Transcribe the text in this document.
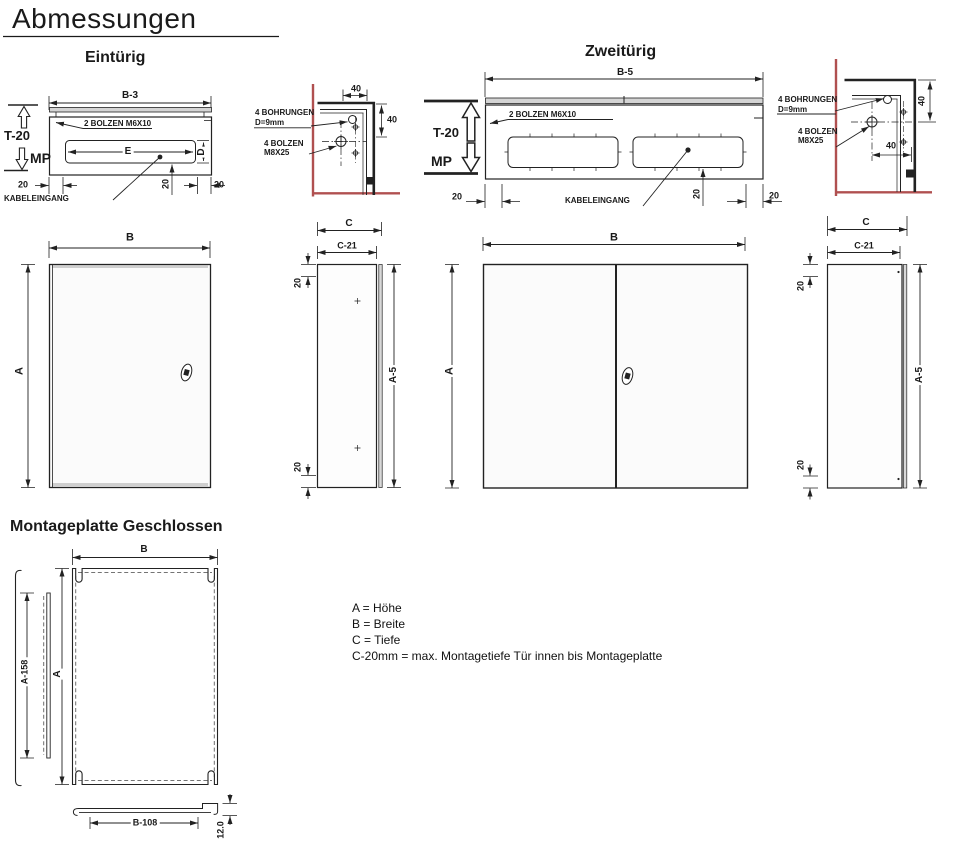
Abmessungen
Eintürig
B-3
2 BOLZEN M6X10
T-20
MP	E	D
20	20	20
KABELEINGANG
4 BOHRUNGEN
D=9mm
4 BOLZEN
M8X25
40
40
Zweitürig
B-5
2 BOLZEN M6X10
T-20
MP
KABELEINGANG
20	20	20
4 BOHRUNGEN
D=9mm
4 BOLZEN
M8X25
40
40
B
A
C
C-21
20
20
A-5
B
A
C
C-21
20
20
A-5
Montageplatte Geschlossen
B
A
A-158
B-108	12.0
A = Höhe
B = Breite
C = Tiefe
C-20mm = max. Montagetiefe Tür innen bis Montageplatte
